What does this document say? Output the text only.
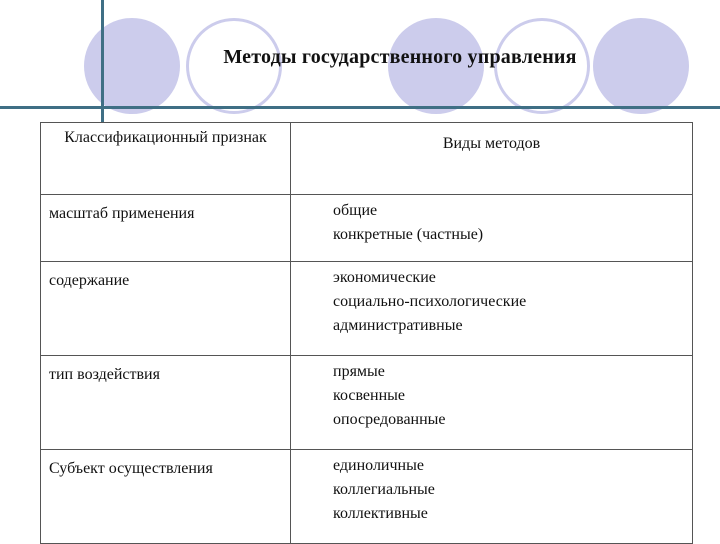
Методы государственного управления
Классификационный признак	Виды методов
масштаб применения	общие
конкретные (частные)

содержание	экономические
социально-психологические
административные

тип воздействия	прямые
косвенные
опосредованные

Субъект осуществления	единоличные
коллегиальные
коллективные
